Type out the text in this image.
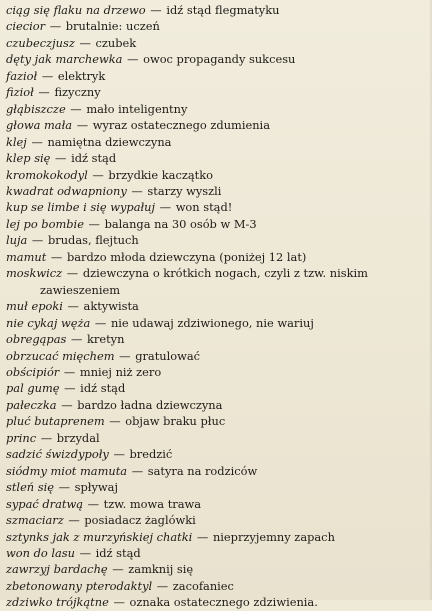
ciąg się flaku na drzewo — idź stąd flegmatyku
ciecior — brutalnie: uczeń
czubeczjusz — czubek
dęty jak marchewka — owoc propagandy sukcesu
fazioł — elektryk
fizioł — fizyczny
głąbiszcze — mało inteligentny
głowa mała — wyraz ostatecznego zdumienia
klej — namiętna dziewczyna
klep się — idź stąd
kromokokodyl — brzydkie kaczątko
kwadrat odwapniony — starzy wyszli
kup se limbe i się wypałuj — won stąd!
lej po bombie — balanga na 30 osób w M-3
luja — brudas, flejtuch
mamut — bardzo młoda dziewczyna (poniżej 12 lat)
moskwicz — dziewczyna o krótkich nogach, czyli z tzw. niskim zawieszeniem
muł epoki — aktywista
nie cykaj węża — nie udawaj zdziwionego, nie wariuj
obregąpas — kretyn
obrzucać mięchem — gratulować
obścipiór — mniej niż zero
pal gumę — idź stąd
pałeczka — bardzo ładna dziewczyna
pluć butaprenem — objaw braku płuc
princ — brzydal
sadzić świzdypoły — bredzić
siódmy miot mamuta — satyra na rodziców
stleń się — spływaj
sypać dratwą — tzw. mowa trawa
szmaciarz — posiadacz żaglówki
sztynks jak z murzyńskiej chatki — nieprzyjemny zapach
won do lasu — idź stąd
zawrzyj bardachę — zamknij się
zbetonowany pterodaktyl — zacofaniec
zdziwko trójkątne — oznaka ostatecznego zdziwienia.
